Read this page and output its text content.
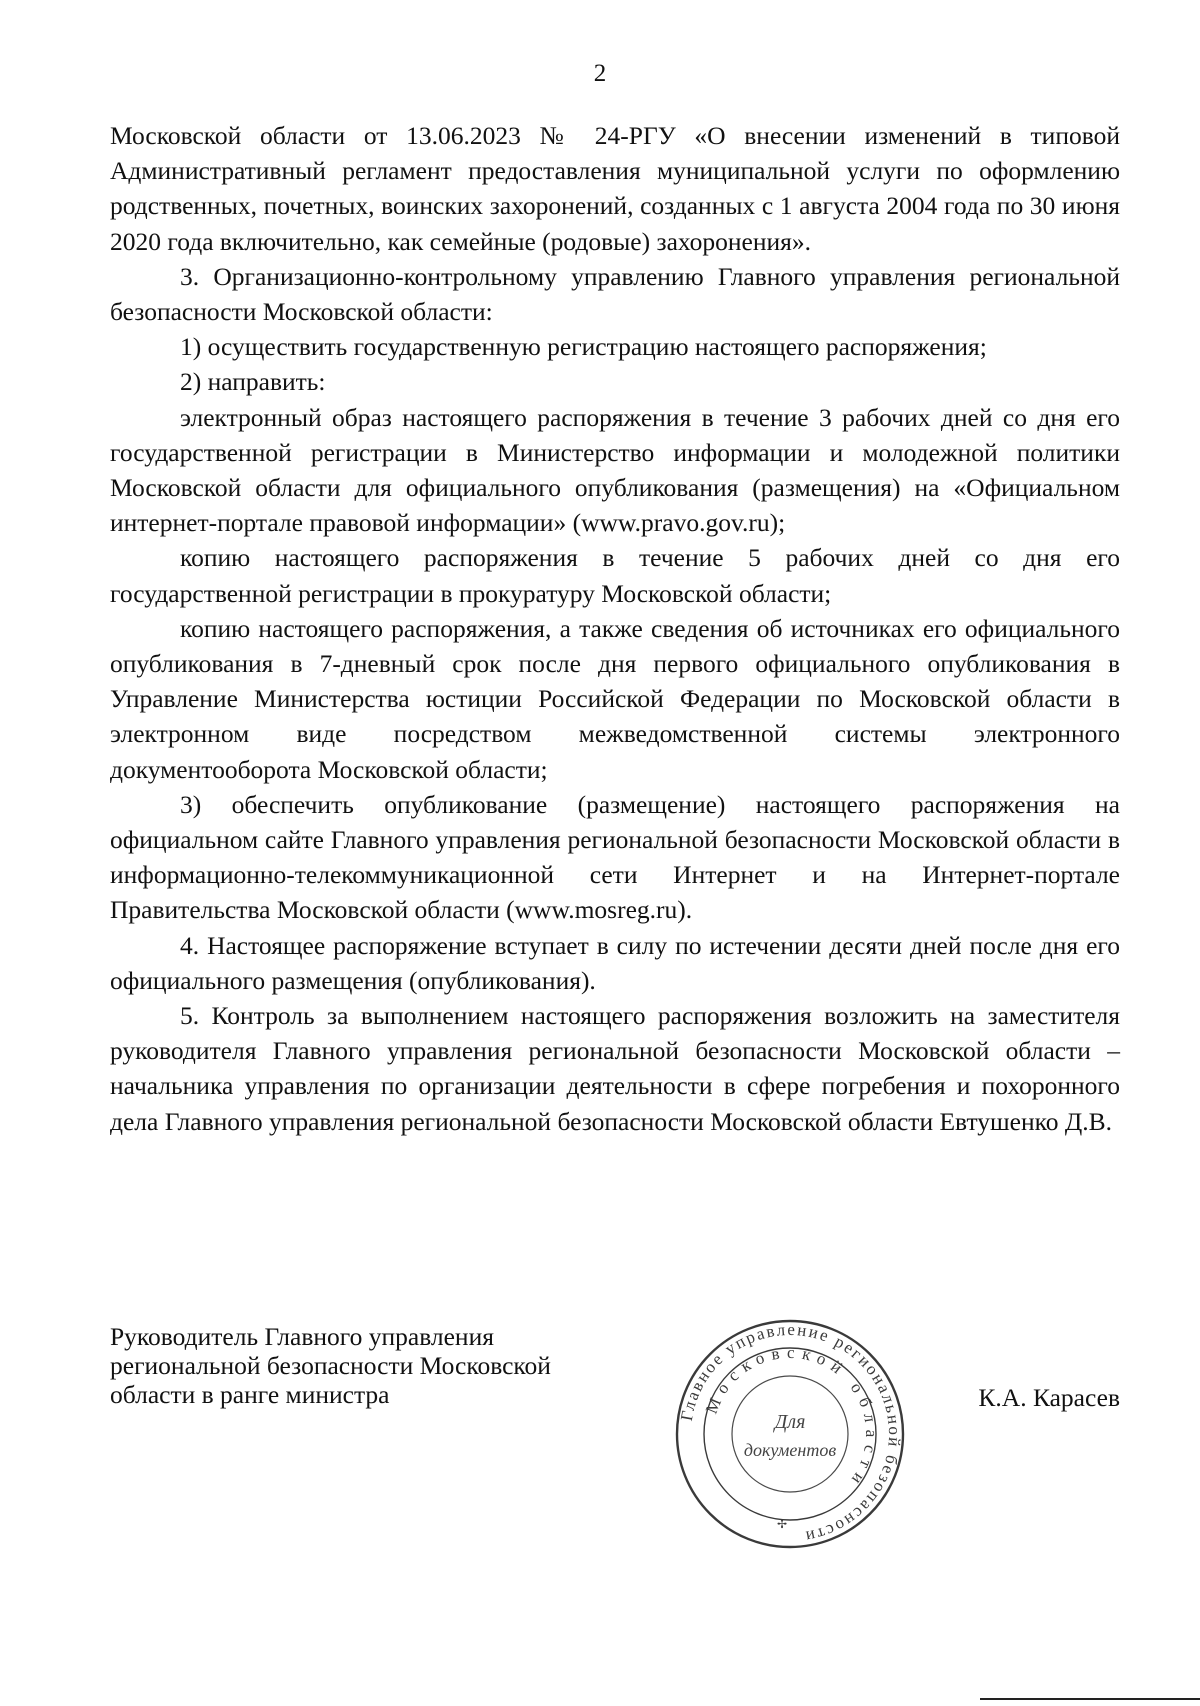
2

Московской области от 13.06.2023 № 24-РГУ «О внесении изменений в типовой Административный регламент предоставления муниципальной услуги по оформлению родственных, почетных, воинских захоронений, созданных с 1 августа 2004 года по 30 июня 2020 года включительно, как семейные (родовые) захоронения».

3. Организационно-контрольному управлению Главного управления региональной безопасности Московской области:

1) осуществить государственную регистрацию настоящего распоряжения;

2) направить:

электронный образ настоящего распоряжения в течение 3 рабочих дней со дня его государственной регистрации в Министерство информации и молодежной политики Московской области для официального опубликования (размещения) на «Официальном интернет-портале правовой информации» (www.pravo.gov.ru);

копию настоящего распоряжения в течение 5 рабочих дней со дня его государственной регистрации в прокуратуру Московской области;

копию настоящего распоряжения, а также сведения об источниках его официального опубликования в 7-дневный срок после дня первого официального опубликования в Управление Министерства юстиции Российской Федерации по Московской области в электронном виде посредством межведомственной системы электронного документооборота Московской области;

3) обеспечить опубликование (размещение) настоящего распоряжения на официальном сайте Главного управления региональной безопасности Московской области в информационно-телекоммуникационной сети Интернет и на Интернет-портале Правительства Московской области (www.mosreg.ru).

4. Настоящее распоряжение вступает в силу по истечении десяти дней после дня его официального размещения (опубликования).

5. Контроль за выполнением настоящего распоряжения возложить на заместителя руководителя Главного управления региональной безопасности Московской области – начальника управления по организации деятельности в сфере погребения и похоронного дела Главного управления региональной безопасности Московской области Евтушенко Д.В.

Руководитель Главного управления
региональной безопасности Московской
области в ранге министра
Главное управление региональной безопасности
Московской области
Для
документов
✢
К.А. Карасев
